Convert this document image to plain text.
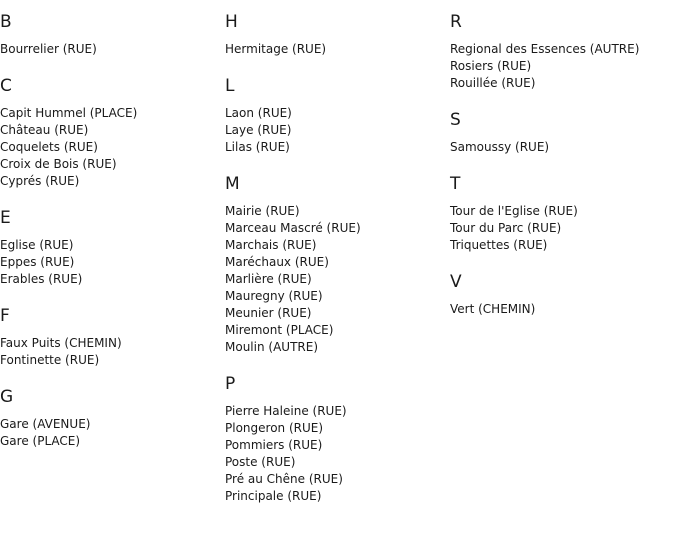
B
Bourrelier (RUE)
C
Capit Hummel (PLACE)
Château (RUE)
Coquelets (RUE)
Croix de Bois (RUE)
Cyprés (RUE)
E
Eglise (RUE)
Eppes (RUE)
Erables (RUE)
F
Faux Puits (CHEMIN)
Fontinette (RUE)
G
Gare (AVENUE)
Gare (PLACE)
H
Hermitage (RUE)
L
Laon (RUE)
Laye (RUE)
Lilas (RUE)
M
Mairie (RUE)
Marceau Mascré (RUE)
Marchais (RUE)
Maréchaux (RUE)
Marlière (RUE)
Mauregny (RUE)
Meunier (RUE)
Miremont (PLACE)
Moulin (AUTRE)
P
Pierre Haleine (RUE)
Plongeron (RUE)
Pommiers (RUE)
Poste (RUE)
Pré au Chêne (RUE)
Principale (RUE)
R
Regional des Essences (AUTRE)
Rosiers (RUE)
Rouillée (RUE)
S
Samoussy (RUE)
T
Tour de l'Eglise (RUE)
Tour du Parc (RUE)
Triquettes (RUE)
V
Vert (CHEMIN)
